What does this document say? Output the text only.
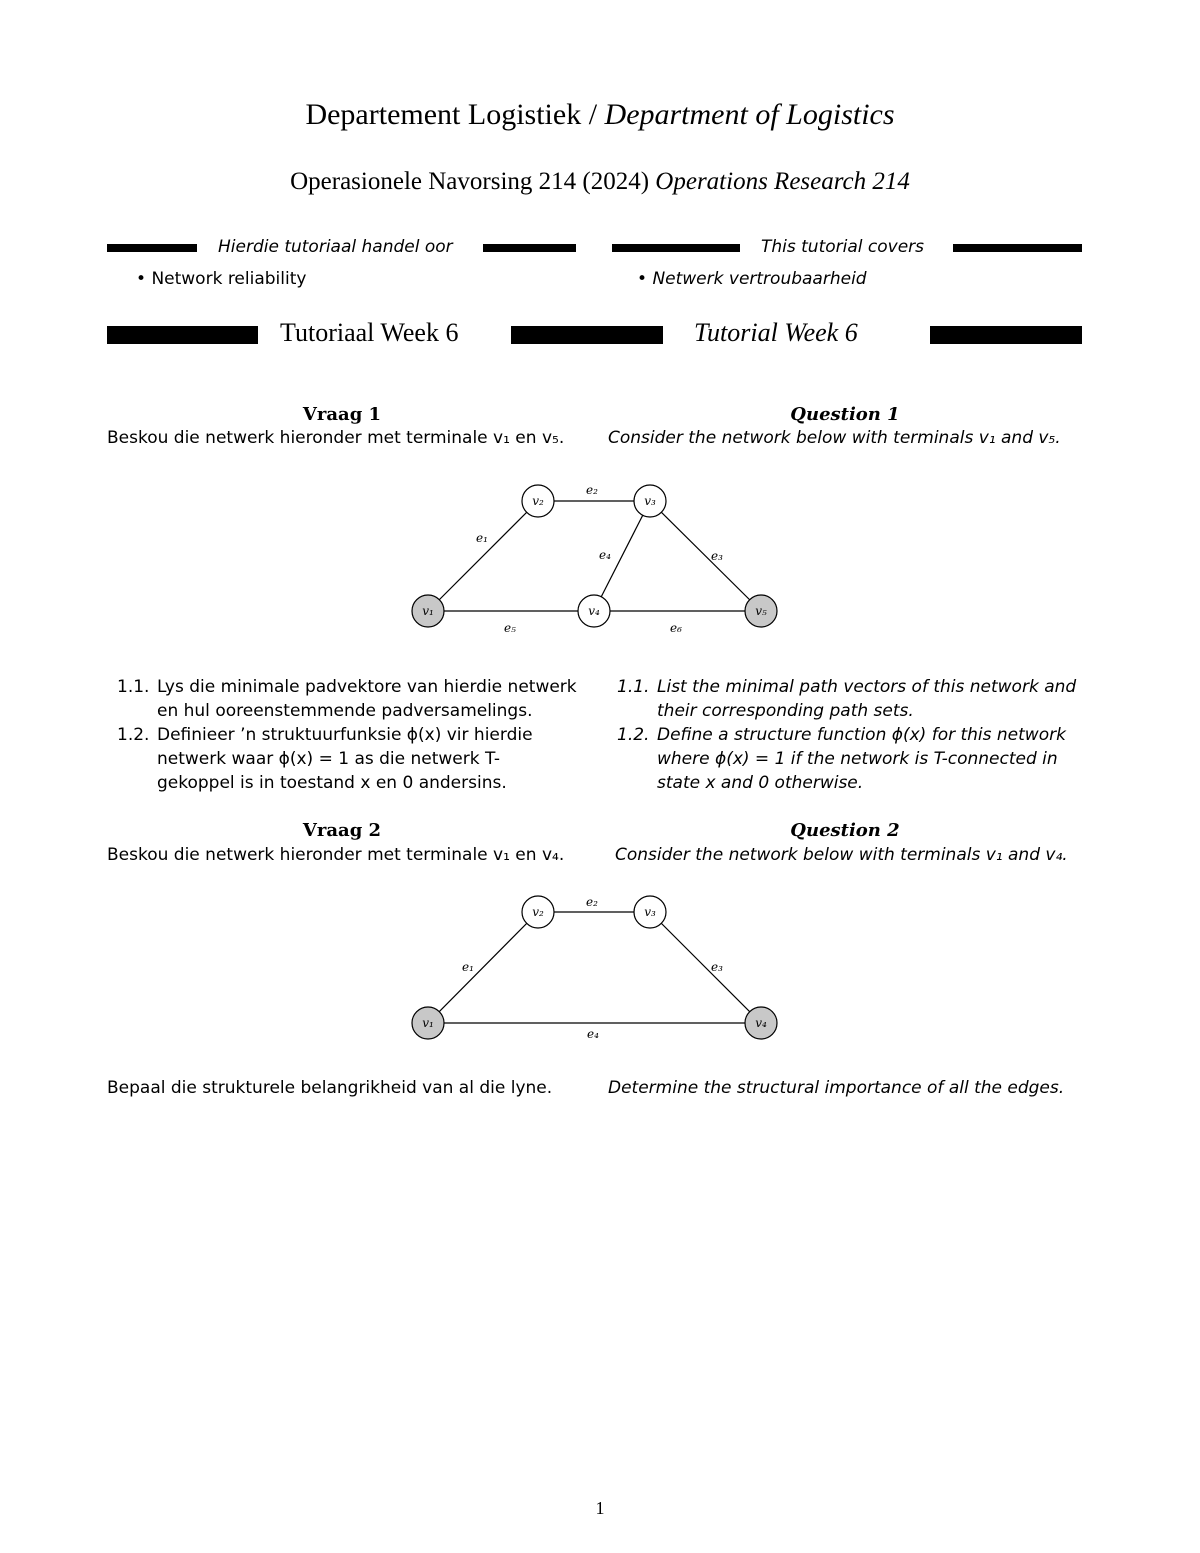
Departement Logistiek / Department of Logistics
Operasionele Navorsing 214 (2024) Operations Research 214
Hierdie tutoriaal handel oor	This tutorial covers
• Network reliability	• Netwerk vertroubaarheid
Tutoriaal Week 6	Tutorial Week 6
Vraag 1	Question 1
Beskou die netwerk hieronder met terminale v₁ en v₅.	Consider the network below with terminals v₁ and v₅.
e₁
e₂
e₃
e₄
e₅	e₆
v₁
v₂	v₃
v₄	v₅
1.1. Lys die minimale padvektore van hierdie netwerk en hul ooreenstemmende padversamelings.
1.2. Definieer ’n struktuurfunksie ϕ(x) vir hierdie netwerk waar ϕ(x) = 1 as die netwerk T-gekoppel is in toestand x en 0 andersins.
1.1. List the minimal path vectors of this network and their corresponding path sets.
1.2. Define a structure function ϕ(x) for this network where ϕ(x) = 1 if the network is T-connected in state x and 0 otherwise.
Vraag 2	Question 2
Beskou die netwerk hieronder met terminale v₁ en v₄.	Consider the network below with terminals v₁ and v₄.
e₁
e₂
e₃
e₄
v₁
v₂	v₃
v₄
Bepaal die strukturele belangrikheid van al die lyne.	Determine the structural importance of all the edges.
1
